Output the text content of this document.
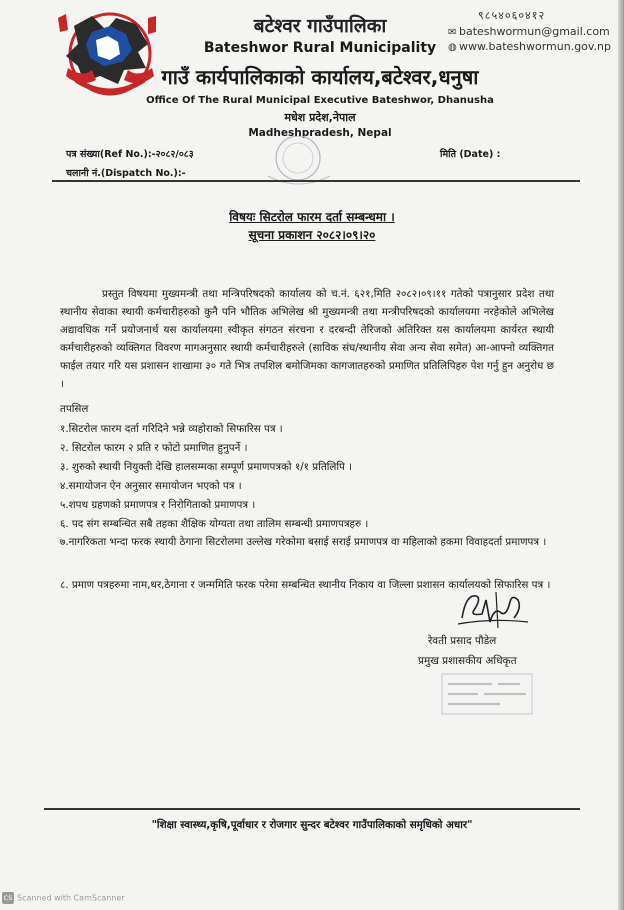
बटेश्वर गाउँपालिका
Bateshwor Rural Municipality
गाउँ कार्यपालिकाको कार्यालय,बटेश्वर,धनुषा
Office Of The Rural Municipal Executive Bateshwor, Dhanusha
मधेश प्रदेश,नेपाल
Madheshpradesh, Nepal
९८५४०६०४१२
✉ bateshwormun@gmail.com
◍ www.bateshwormun.gov.np
पत्र संख्या(Ref No.):-२०८२/०८३
चलानी नं.(Dispatch No.):-
मिति (Date) :
विषयः सिटरोल फारम दर्ता सम्बन्धमा ।
सूचना प्रकाशन २०८२।०९।२०

प्रस्तुत विषयमा मुख्यमन्त्री तथा मन्त्रिपरिषदको कार्यालय को च.नं. ६२१,मिति २०८२।०९।११ गतेको पत्रानुसार प्रदेश तथा स्थानीय सेवाका स्थायी कर्मचारीहरुको कुनै पनि भौतिक अभिलेख श्री मुख्यमन्त्री तथा मन्त्रीपरिषदको कार्यालयमा नरहेकोले अभिलेख अद्यावधिक गर्ने प्रयोजनार्थ यस कार्यालयमा स्वीकृत संगठन संरचना र दरबन्दी तेरिजको अतिरिक्त यस कार्यालयमा कार्यरत स्थायी कर्मचारीहरुको व्यक्तिगत विवरण मागअनुसार स्थायी कर्मचारीहरुले (साविक संघ/स्थानीय सेवा अन्य सेवा समेत) आ-आफ्नो व्यक्तिगत फाईल तयार गरि यस प्रशासन शाखामा ३० गते भित्र तपशिल बमोजिमका कागजातहरुको प्रमाणित प्रतिलिपिहरु पेश गर्नु हुन अनुरोध छ ।

तपसिल
१.सिटरोल फारम दर्ता गरिदिने भन्ने व्यहोराको सिफारिस पत्र ।
२. सिटरोल फारम २ प्रति र फोटो प्रमाणित हुनुपर्ने ।
३. शुरुको स्थायी नियुक्ती देखि हालसम्मका सम्पूर्ण प्रमाणपत्रको १/१ प्रतिलिपि ।
४.समायोजन ऐन अनुसार समायोजन भएको पत्र ।
५.शपथ ग्रहणको प्रमाणपत्र र निरोगिताको प्रमाणपत्र ।
६. पद संग सम्बन्धित सबै तहका शैक्षिक योग्यता तथा तालिम सम्बन्धी प्रमाणपत्रहरु ।
७.नागरिकता भन्दा फरक स्थायी ठेगाना सिटरोलमा उल्लेख गरेकोमा बसाई सराई प्रमाणपत्र वा महिलाको हकमा विवाहदर्ता प्रमाणपत्र ।
८. प्रमाण पत्रहरुमा नाम,थर,ठेगाना र जन्ममिति फरक परेमा सम्बन्धित स्थानीय निकाय वा जिल्ला प्रशासन कार्यालयको सिफारिस पत्र ।
रेवती प्रसाद पौडेल
प्रमुख प्रशासकीय अधिकृत
"शिक्षा स्वास्थ्य,कृषि,पूर्वाधार र रोजगार सुन्दर बटेश्वर गाउँपालिकाको समृधिको अधार"
CS Scanned with CamScanner
